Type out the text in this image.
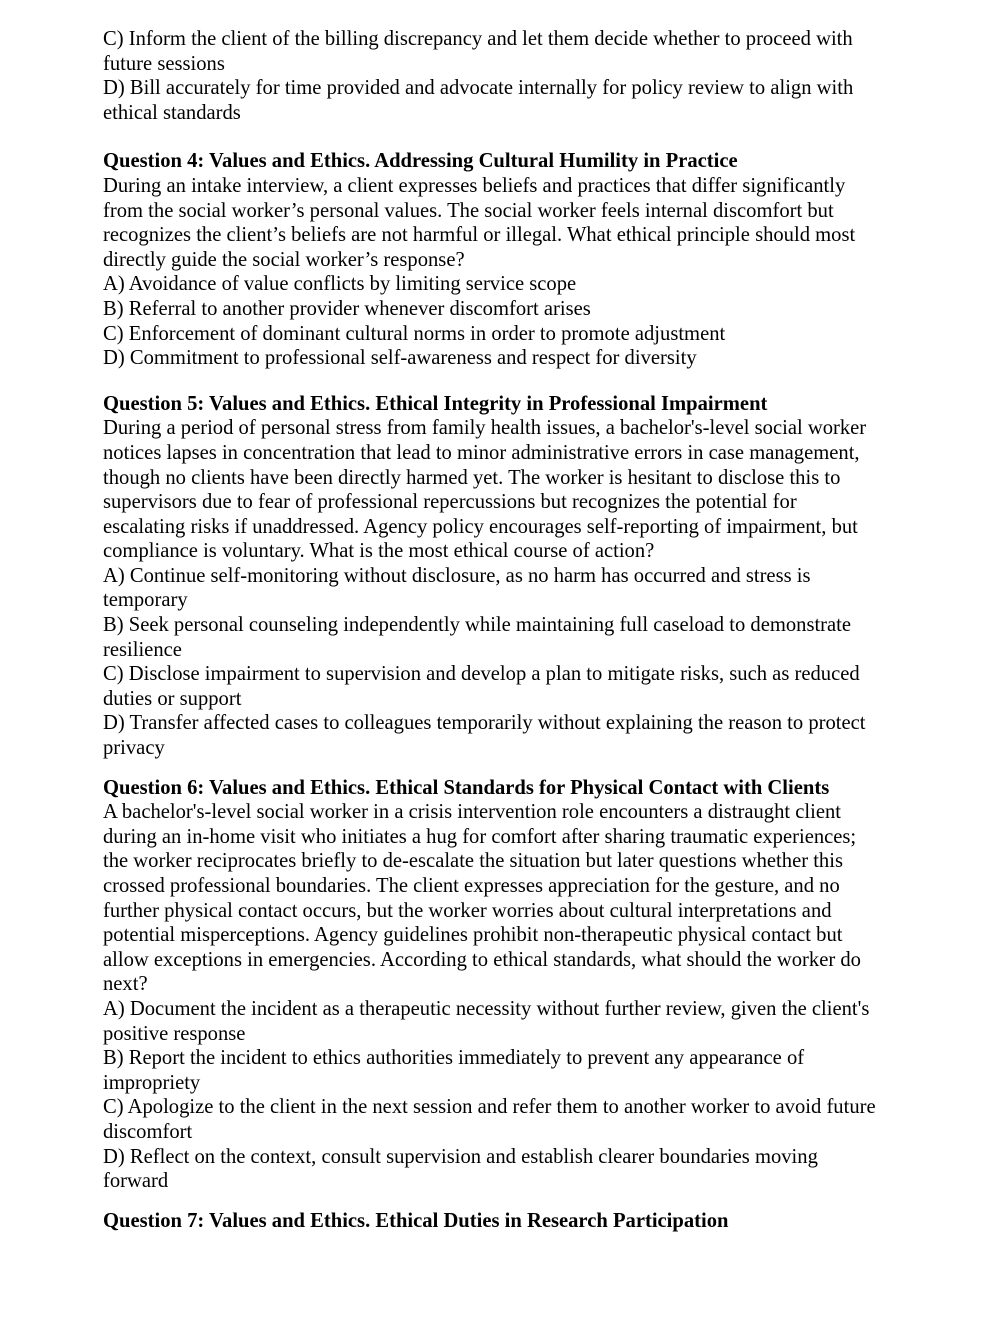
C) Inform the client of the billing discrepancy and let them decide whether to proceed with
future sessions
D) Bill accurately for time provided and advocate internally for policy review to align with
ethical standards
Question 4: Values and Ethics. Addressing Cultural Humility in Practice
During an intake interview, a client expresses beliefs and practices that differ significantly
from the social worker’s personal values. The social worker feels internal discomfort but
recognizes the client’s beliefs are not harmful or illegal. What ethical principle should most
directly guide the social worker’s response?
A) Avoidance of value conflicts by limiting service scope
B) Referral to another provider whenever discomfort arises
C) Enforcement of dominant cultural norms in order to promote adjustment
D) Commitment to professional self-awareness and respect for diversity
Question 5: Values and Ethics. Ethical Integrity in Professional Impairment
During a period of personal stress from family health issues, a bachelor's-level social worker
notices lapses in concentration that lead to minor administrative errors in case management,
though no clients have been directly harmed yet. The worker is hesitant to disclose this to
supervisors due to fear of professional repercussions but recognizes the potential for
escalating risks if unaddressed. Agency policy encourages self-reporting of impairment, but
compliance is voluntary. What is the most ethical course of action?
A) Continue self-monitoring without disclosure, as no harm has occurred and stress is
temporary
B) Seek personal counseling independently while maintaining full caseload to demonstrate
resilience
C) Disclose impairment to supervision and develop a plan to mitigate risks, such as reduced
duties or support
D) Transfer affected cases to colleagues temporarily without explaining the reason to protect
privacy
Question 6: Values and Ethics. Ethical Standards for Physical Contact with Clients
A bachelor's-level social worker in a crisis intervention role encounters a distraught client
during an in-home visit who initiates a hug for comfort after sharing traumatic experiences;
the worker reciprocates briefly to de-escalate the situation but later questions whether this
crossed professional boundaries. The client expresses appreciation for the gesture, and no
further physical contact occurs, but the worker worries about cultural interpretations and
potential misperceptions. Agency guidelines prohibit non-therapeutic physical contact but
allow exceptions in emergencies. According to ethical standards, what should the worker do
next?
A) Document the incident as a therapeutic necessity without further review, given the client's
positive response
B) Report the incident to ethics authorities immediately to prevent any appearance of
impropriety
C) Apologize to the client in the next session and refer them to another worker to avoid future
discomfort
D) Reflect on the context, consult supervision and establish clearer boundaries moving
forward
Question 7: Values and Ethics. Ethical Duties in Research Participation
